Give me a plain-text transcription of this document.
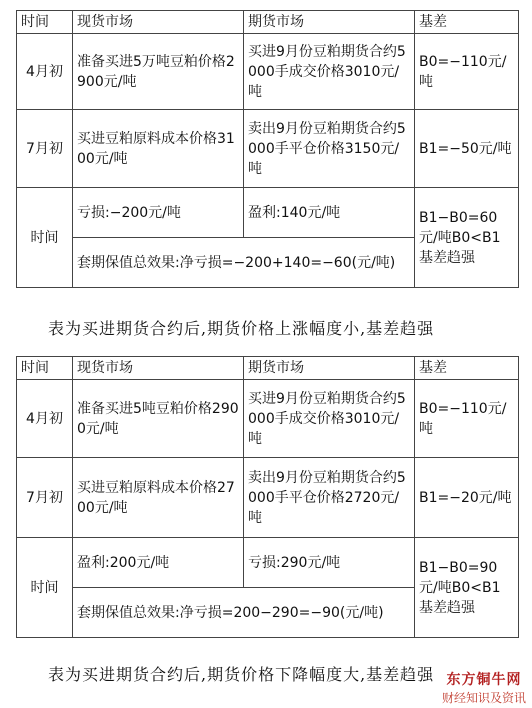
时间	现货市场	期货市场	基差
4月初	准备买进5万吨豆粕价格2900元/吨	买进9月份豆粕期货合约5000手成交价格3010元/吨	B0=−110元/吨
7月初	买进豆粕原料成本价格3100元/吨	卖出9月份豆粕期货合约5000手平仓价格3150元/吨	B1=−50元/吨
时间	亏损:−200元/吨	盈利:140元/吨	B1−B0=60元/吨B0<B1基差趋强
	套期保值总效果:净亏损=−200+140=−60(元/吨)		

表为买进期货合约后,期货价格上涨幅度小,基差趋强

时间	现货市场	期货市场	基差
4月初	准备买进5吨豆粕价格2900元/吨	买进9月份豆粕期货合约5000手成交价格3010元/吨	B0=−110元/吨
7月初	买进豆粕原料成本价格2700元/吨	卖出9月份豆粕期货合约5000手平仓价格2720元/吨	B1=−20元/吨
时间	盈利:200元/吨	亏损:290元/吨	B1−B0=90元/吨B0<B1基差趋强
	套期保值总效果:净亏损=200−290=−90(元/吨)		

表为买进期货合约后,期货价格下降幅度大,基差趋强 东方铜牛网
财经知识及资讯
